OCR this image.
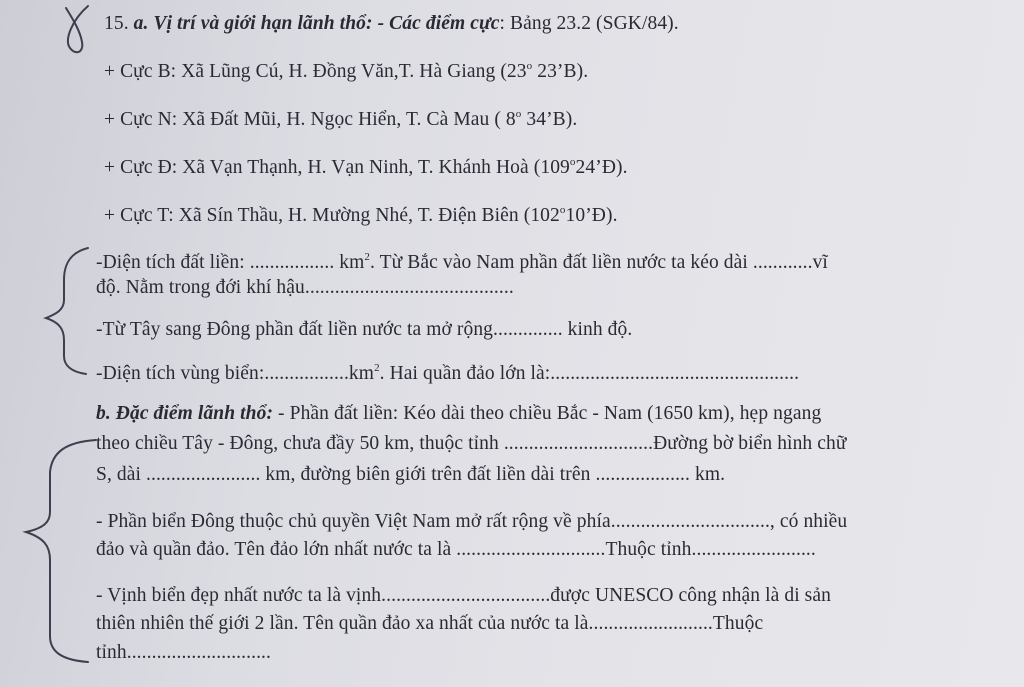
15. a. Vị trí và giới hạn lãnh thổ: - Các điểm cực: Bảng 23.2 (SGK/84).
+ Cực B: Xã Lũng Cú, H. Đồng Văn,T. Hà Giang (23$^o$ 23’B).
+ Cực N: Xã Đất Mũi, H. Ngọc Hiển, T. Cà Mau ( 8$^o$ 34’B).
+ Cực Đ: Xã Vạn Thạnh, H. Vạn Ninh, T. Khánh Hoà $(109^o24’Đ)$.
+ Cực T: Xã Sín Thầu, H. Mường Nhé, T. Điện Biên (102$^o$10’Đ).
-Diện tích đất liền: ................. $km^2$. Từ Bắc vào Nam phần đất liền nước ta kéo dài ............vĩ
độ. Nằm trong đới khí hậu..........................................
-Từ Tây sang Đông phần đất liền nước ta mở rộng.............. kinh độ.
-Diện tích vùng $biển:.................km^2$. Hai quần đảo lớn là:..................................................
b. Đặc điểm lãnh thổ: - Phần đất liền: Kéo dài theo chiều Bắc - Nam (1650 km), hẹp ngang
theo chiều Tây - Đông, chưa đầy 50 km, thuộc tỉnh ..............................Đường bờ biển hình chữ
S, dài ....................... km, đường biên giới trên đất liền dài trên ................... km.
- Phần biển Đông thuộc chủ quyền Việt Nam mở rất rộng về phía................................, có nhiều
đảo và quần đảo. Tên đảo lớn nhất nước ta là ..............................Thuộc tỉnh.........................
- Vịnh biển đẹp nhất nước ta là vịnh..................................được UNESCO công nhận là di sản
thiên nhiên thế giới 2 lần. Tên quần đảo xa nhất của nước ta là.........................Thuộc
tỉnh.............................
